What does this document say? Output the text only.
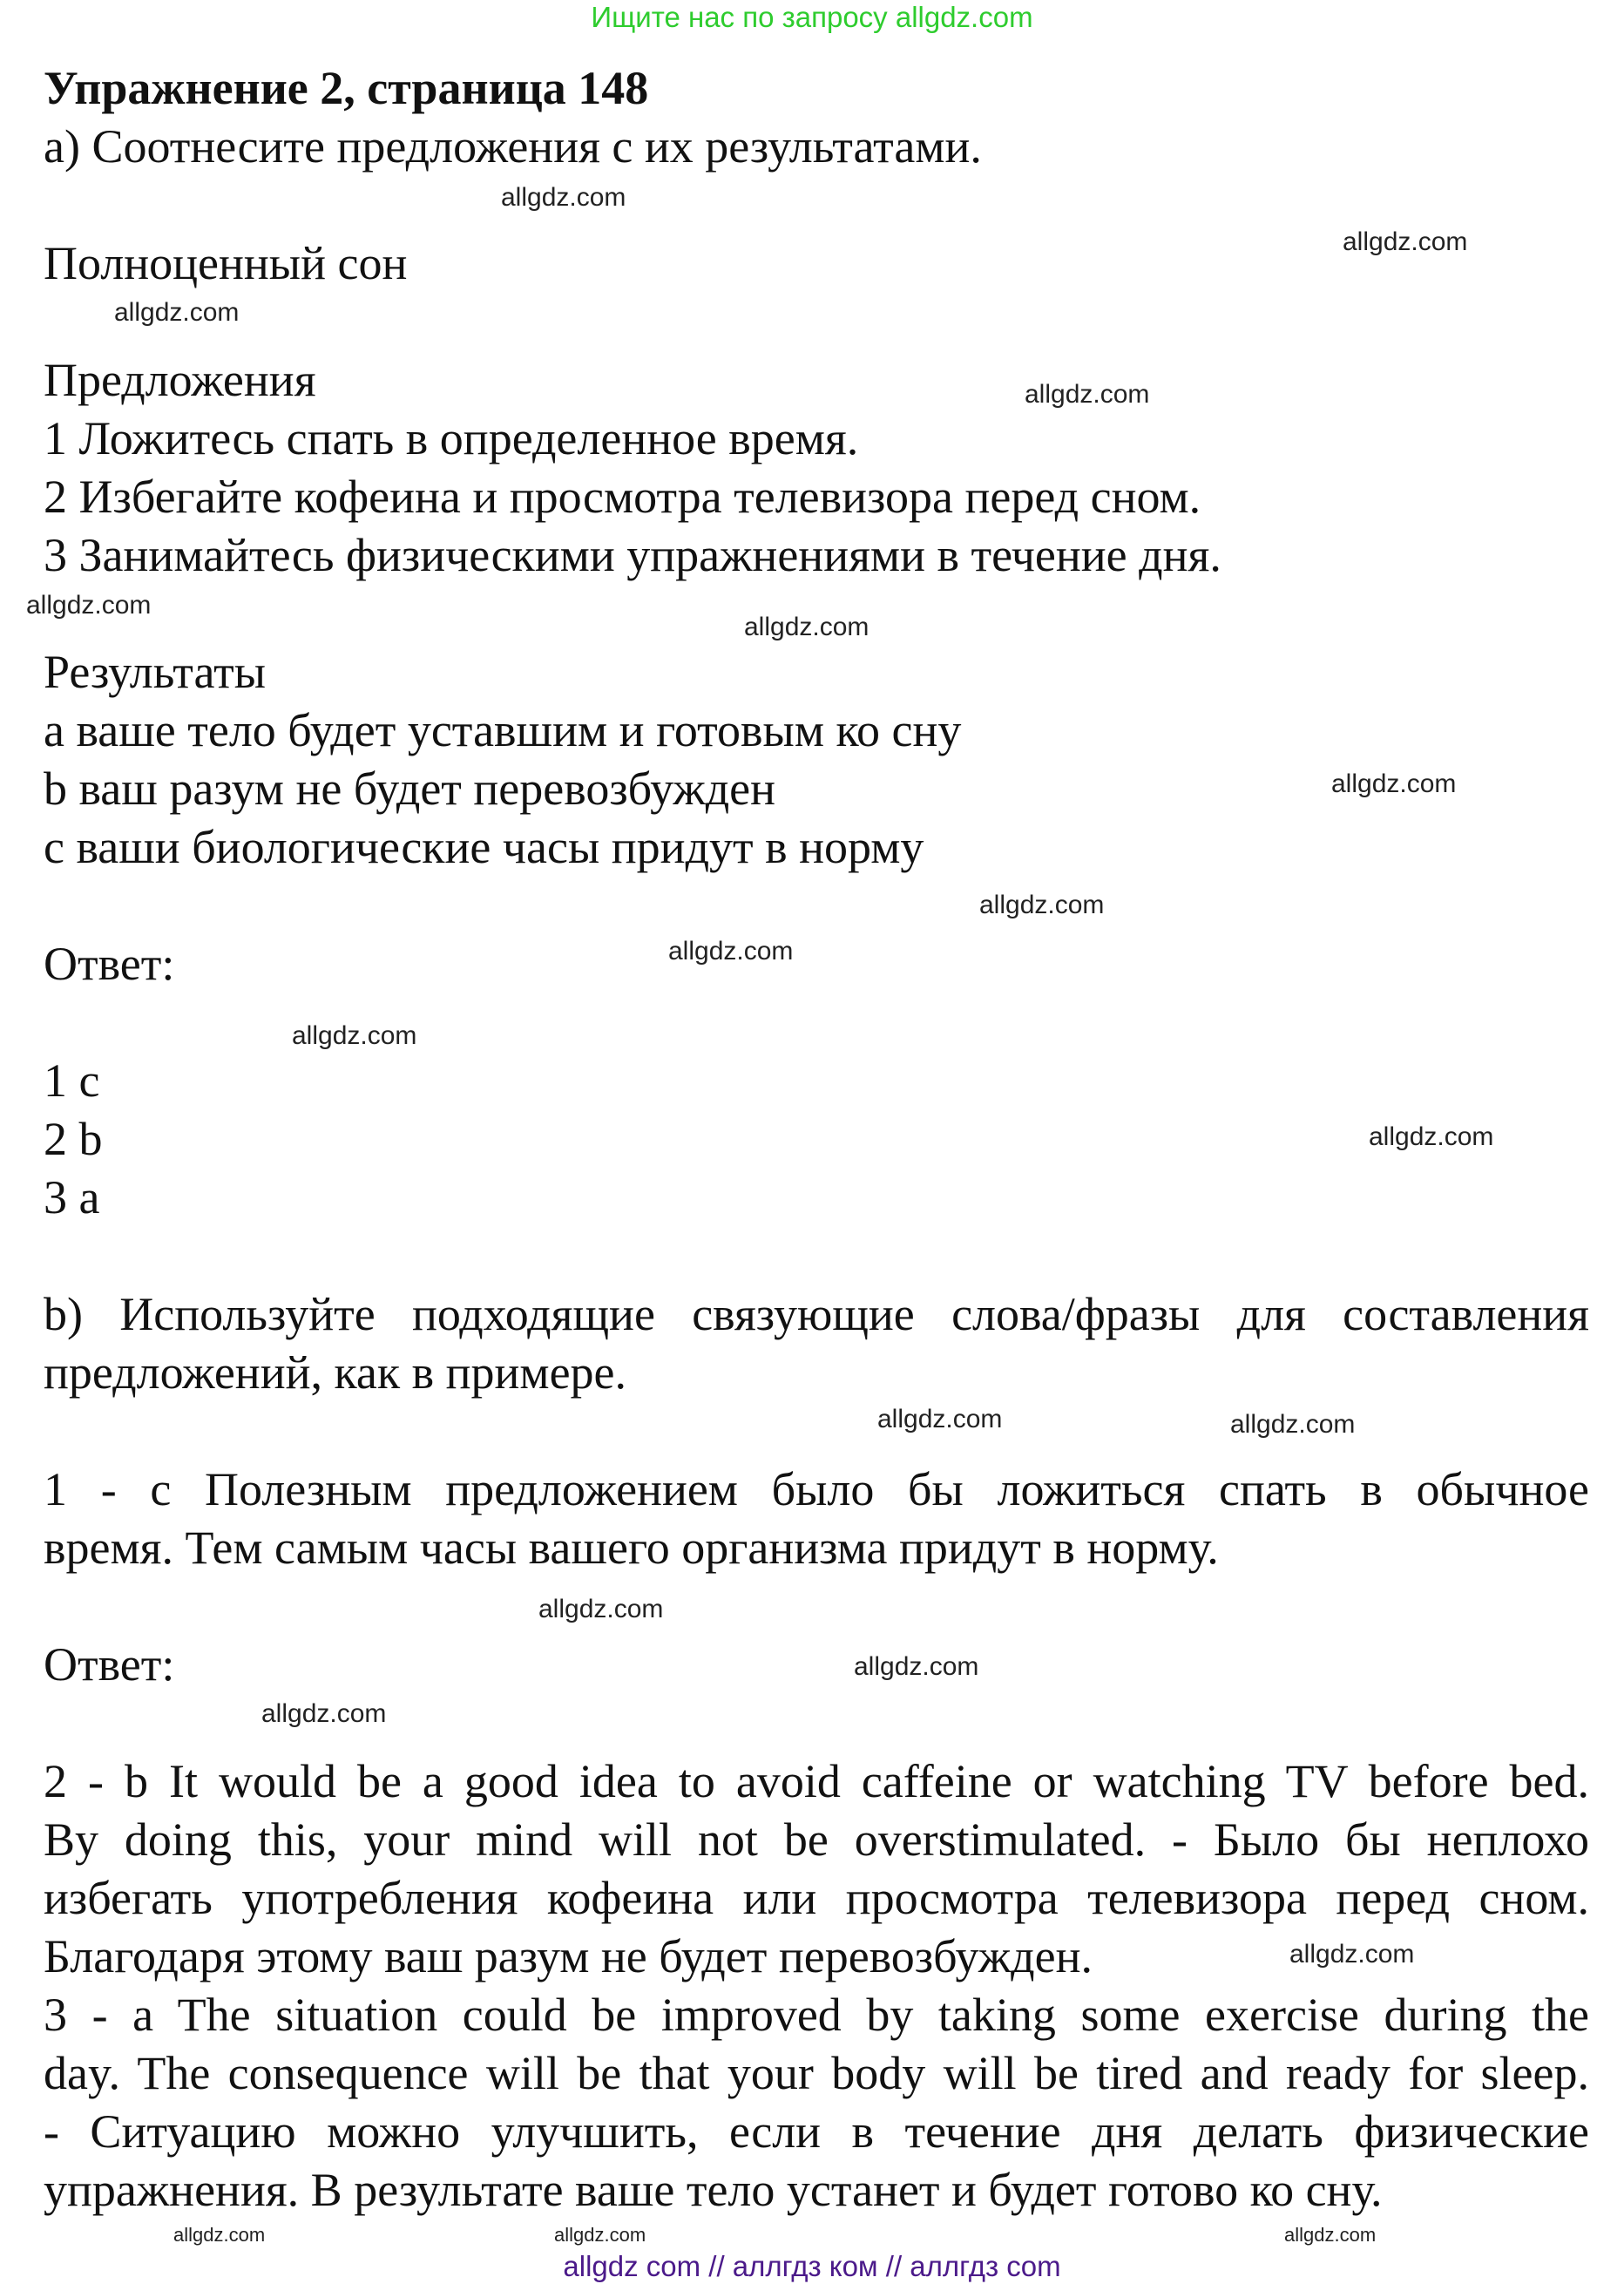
Ищите нас по запросу allgdz.com
Упражнение 2, страница 148
а) Соотнесите предложения с их результатами.
Полноценный сон
Предложения
1 Ложитесь спать в определенное время.
2 Избегайте кофеина и просмотра телевизора перед сном.
3 Занимайтесь физическими упражнениями в течение дня.
Результаты
a ваше тело будет уставшим и готовым ко сну
b ваш разум не будет перевозбужден
c ваши биологические часы придут в норму
Ответ:
1 c
2 b
3 a
b) Используйте подходящие связующие слова/фразы для составления
предложений, как в примере.
1 - c Полезным предложением было бы ложиться спать в обычное
время. Тем самым часы вашего организма придут в норму.
Ответ:
2 - b It would be a good idea to avoid caffeine or watching TV before bed.
By doing this, your mind will not be overstimulated. - Было бы неплохо
избегать употребления кофеина или просмотра телевизора перед сном.
Благодаря этому ваш разум не будет перевозбужден.
3 - a The situation could be improved by taking some exercise during the
day. The consequence will be that your body will be tired and ready for sleep.
- Ситуацию можно улучшить, если в течение дня делать физические
упражнения. В результате ваше тело устанет и будет готово ко сну.
allgdz.com
allgdz.com
allgdz.com
allgdz.com
allgdz.com
allgdz.com
allgdz.com
allgdz.com
allgdz.com
allgdz.com
allgdz.com
allgdz.com	allgdz.com
allgdz.com
allgdz.com
allgdz.com
allgdz.com
allgdz.com	allgdz.com	allgdz.com
allgdz com // аллгдз ком // аллгдз com
